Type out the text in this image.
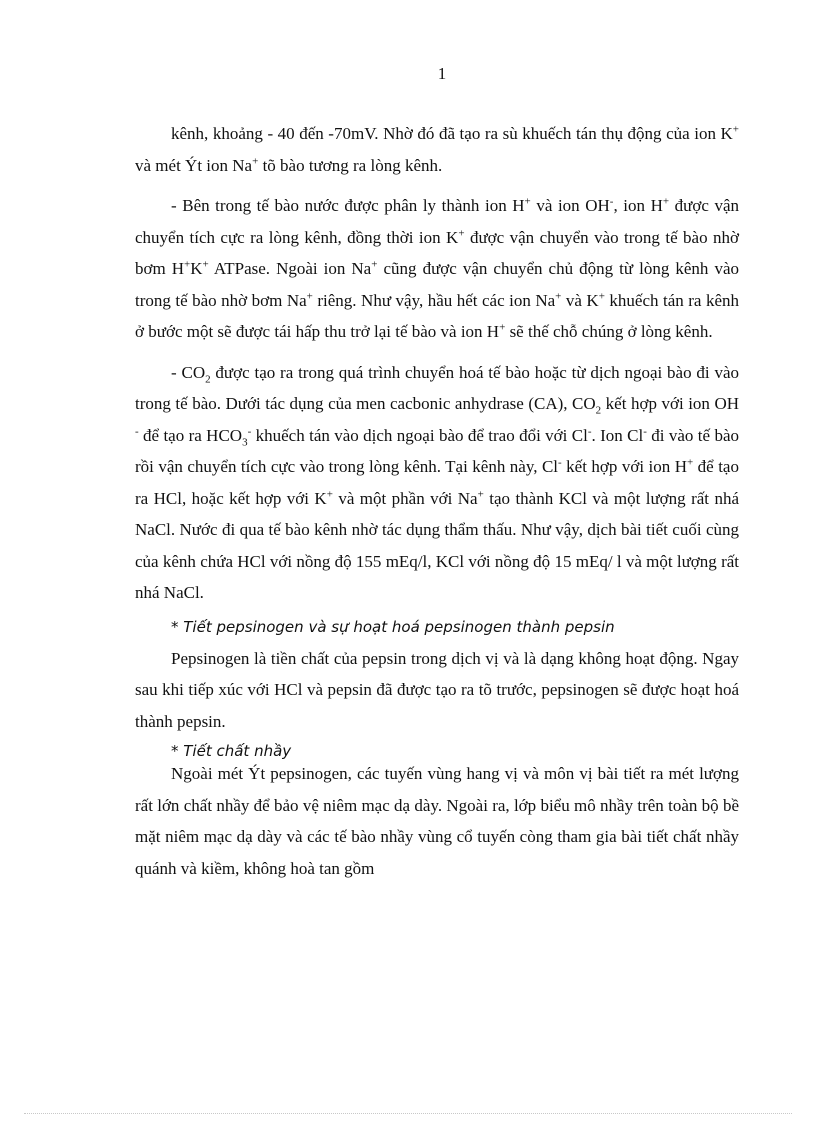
1

kênh, khoảng - 40 đến -70mV. Nhờ đó đã tạo ra sù khuếch tán thụ động của ion K+ và mét Ýt ion Na+ tõ bào tương ra lòng kênh.

- Bên trong tế bào nước được phân ly thành ion H+ và ion OH-, ion H+ được vận chuyển tích cực ra lòng kênh, đồng thời ion K+ được vận chuyển vào trong tế bào nhờ bơm H+K+ ATPase. Ngoài ion Na+ cũng được vận chuyển chủ động từ lòng kênh vào trong tế bào nhờ bơm Na+ riêng. Như vậy, hầu hết các ion Na+ và K+ khuếch tán ra kênh ở bước một sẽ được tái hấp thu trở lại tế bào và ion H+ sẽ thế chỗ chúng ở lòng kênh.

- $CO_2$ được tạo ra trong quá trình chuyển hoá tế bào hoặc từ dịch ngoại bào đi vào trong tế bào. Dưới tác dụng của men cacbonic anhydrase (CA), $CO_2$ kết hợp với ion OH - để tạo ra $HCO_3^-$ khuếch tán vào dịch ngoại bào để trao đổi với Cl-. Ion Cl- đi vào tế bào rồi vận chuyển tích cực vào trong lòng kênh. Tại kênh này, Cl- kết hợp với ion H+ để tạo ra HCl, hoặc kết hợp với K+ và một phần với Na+ tạo thành KCl và một lượng rất nhá NaCl. Nước đi qua tế bào kênh nhờ tác dụng thẩm thấu. Như vậy, dịch bài tiết cuối cùng của kênh chứa HCl với nồng độ 155 mEq/l, KCl với nồng độ 15 mEq/ l và một lượng rất nhá NaCl.

* Tiết pepsinogen và sự hoạt hoá pepsinogen thành pepsin

Pepsinogen là tiền chất của pepsin trong dịch vị và là dạng không hoạt động. Ngay sau khi tiếp xúc với HCl và pepsin đã được tạo ra tõ trước, pepsinogen sẽ được hoạt hoá thành pepsin.

* Tiết chất nhầy

Ngoài mét Ýt pepsinogen, các tuyến vùng hang vị và môn vị bài tiết ra mét lượng rất lớn chất nhầy để bảo vệ niêm mạc dạ dày. Ngoài ra, lớp biểu mô nhầy trên toàn bộ bề mặt niêm mạc dạ dày và các tế bào nhầy vùng cổ tuyến còng tham gia bài tiết chất nhầy quánh và kiềm, không hoà tan gồm
